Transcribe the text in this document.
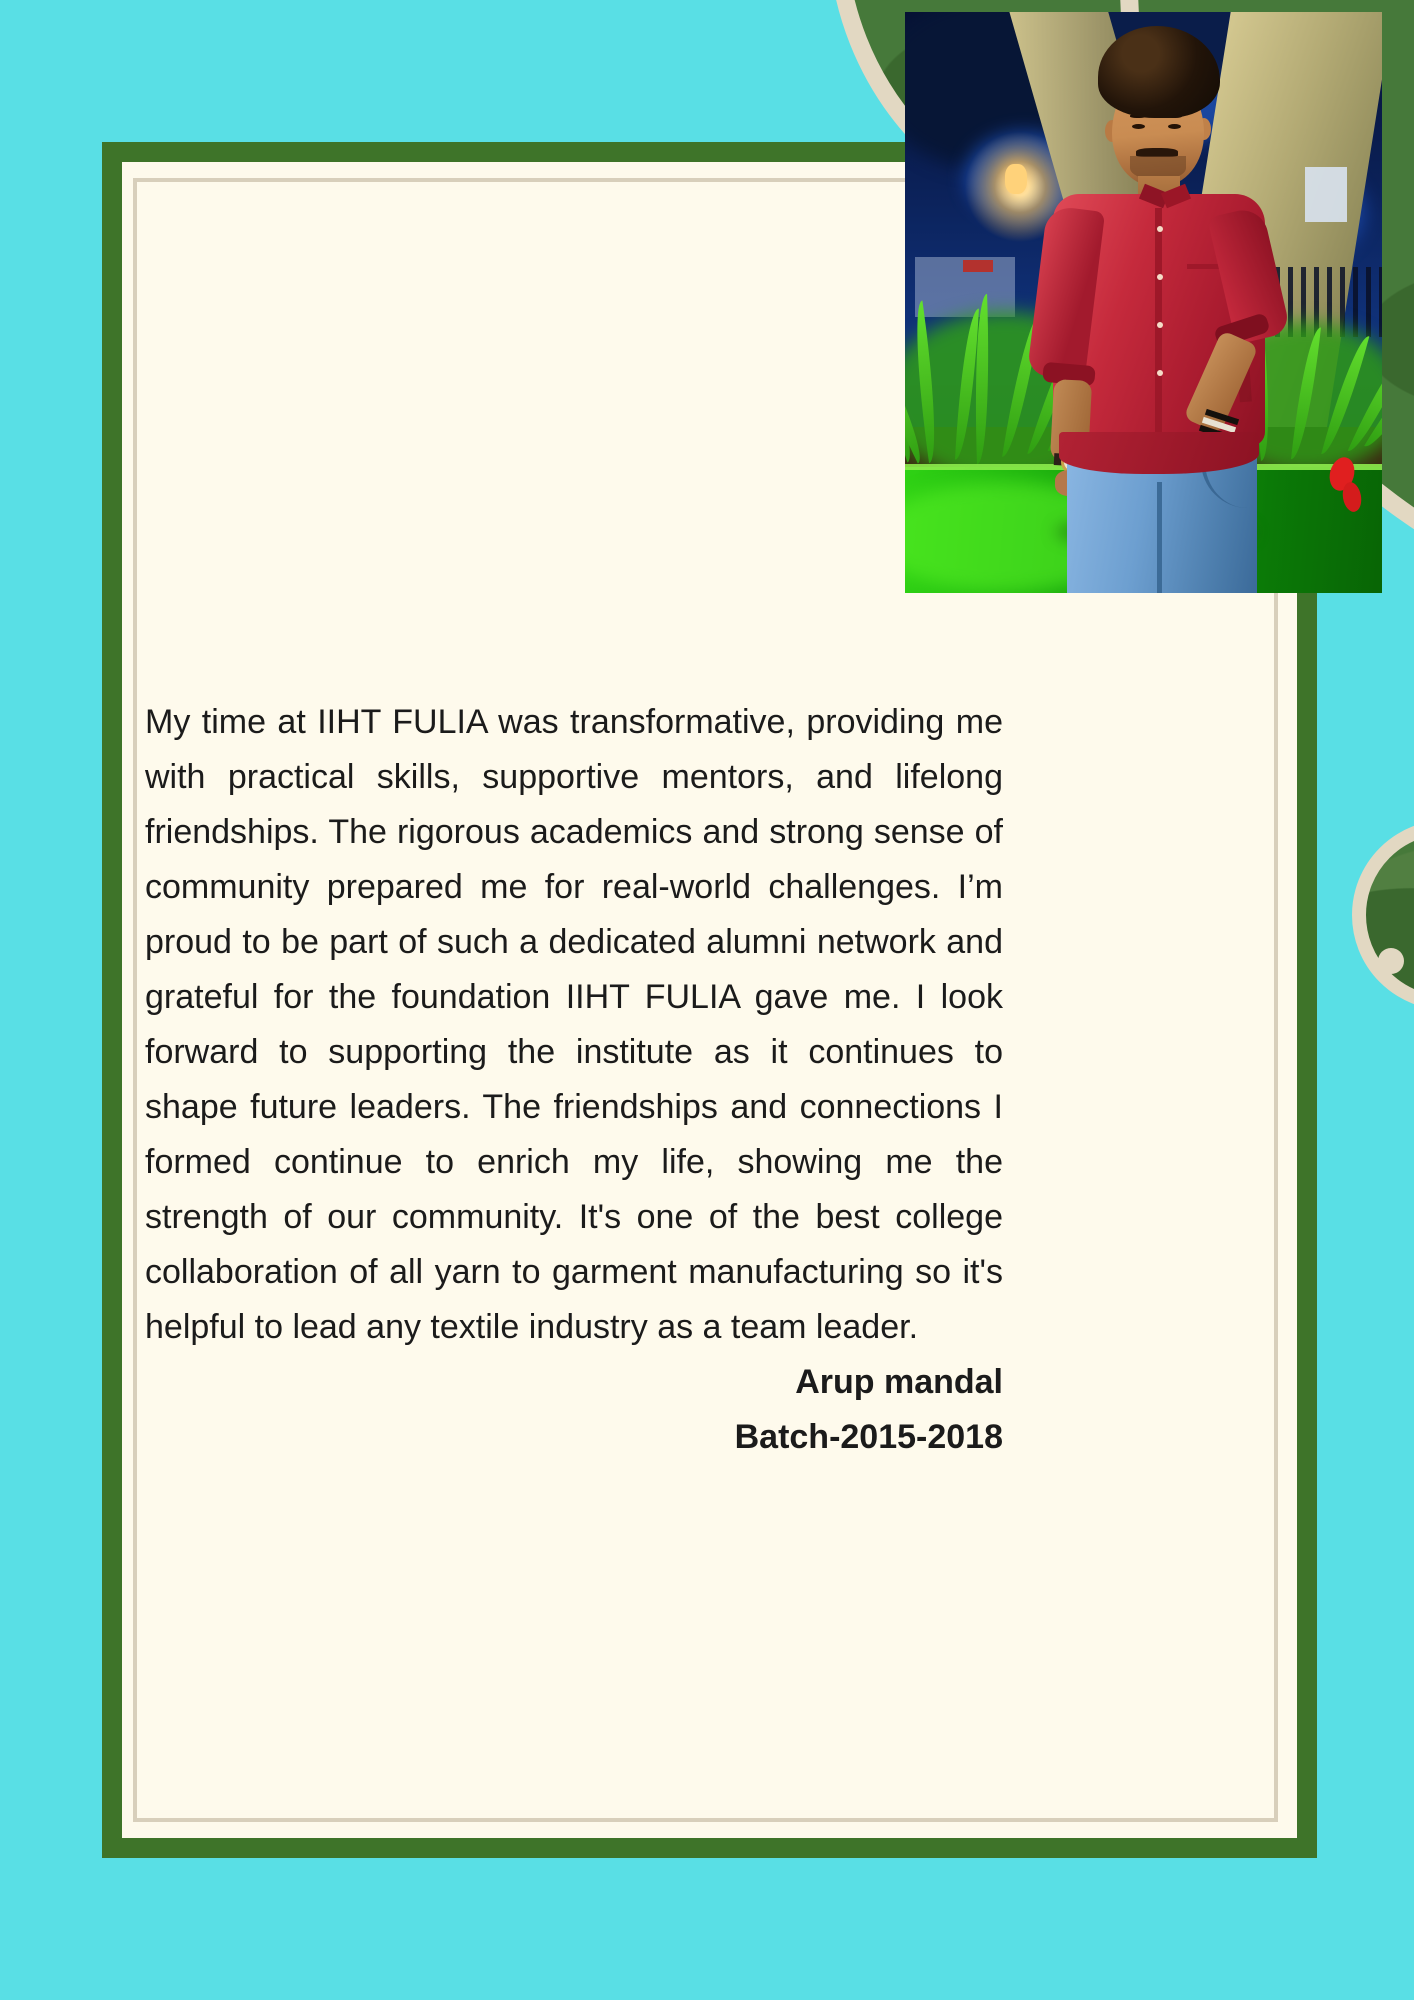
My time at IIHT FULIA was transformative, providing me

with practical skills, supportive mentors, and lifelong

friendships. The rigorous academics and strong sense of

community prepared me for real-world challenges. I’m

proud to be part of such a dedicated alumni network and

grateful for the foundation IIHT FULIA gave me. I look

forward to supporting the institute as it continues to

shape future leaders. The friendships and connections I

formed continue to enrich my life, showing me the

strength of our community. It's one of the best college

collaboration of all yarn to garment manufacturing so it's

helpful to lead any textile industry as a team leader.

Arup mandal

Batch-2015-2018
